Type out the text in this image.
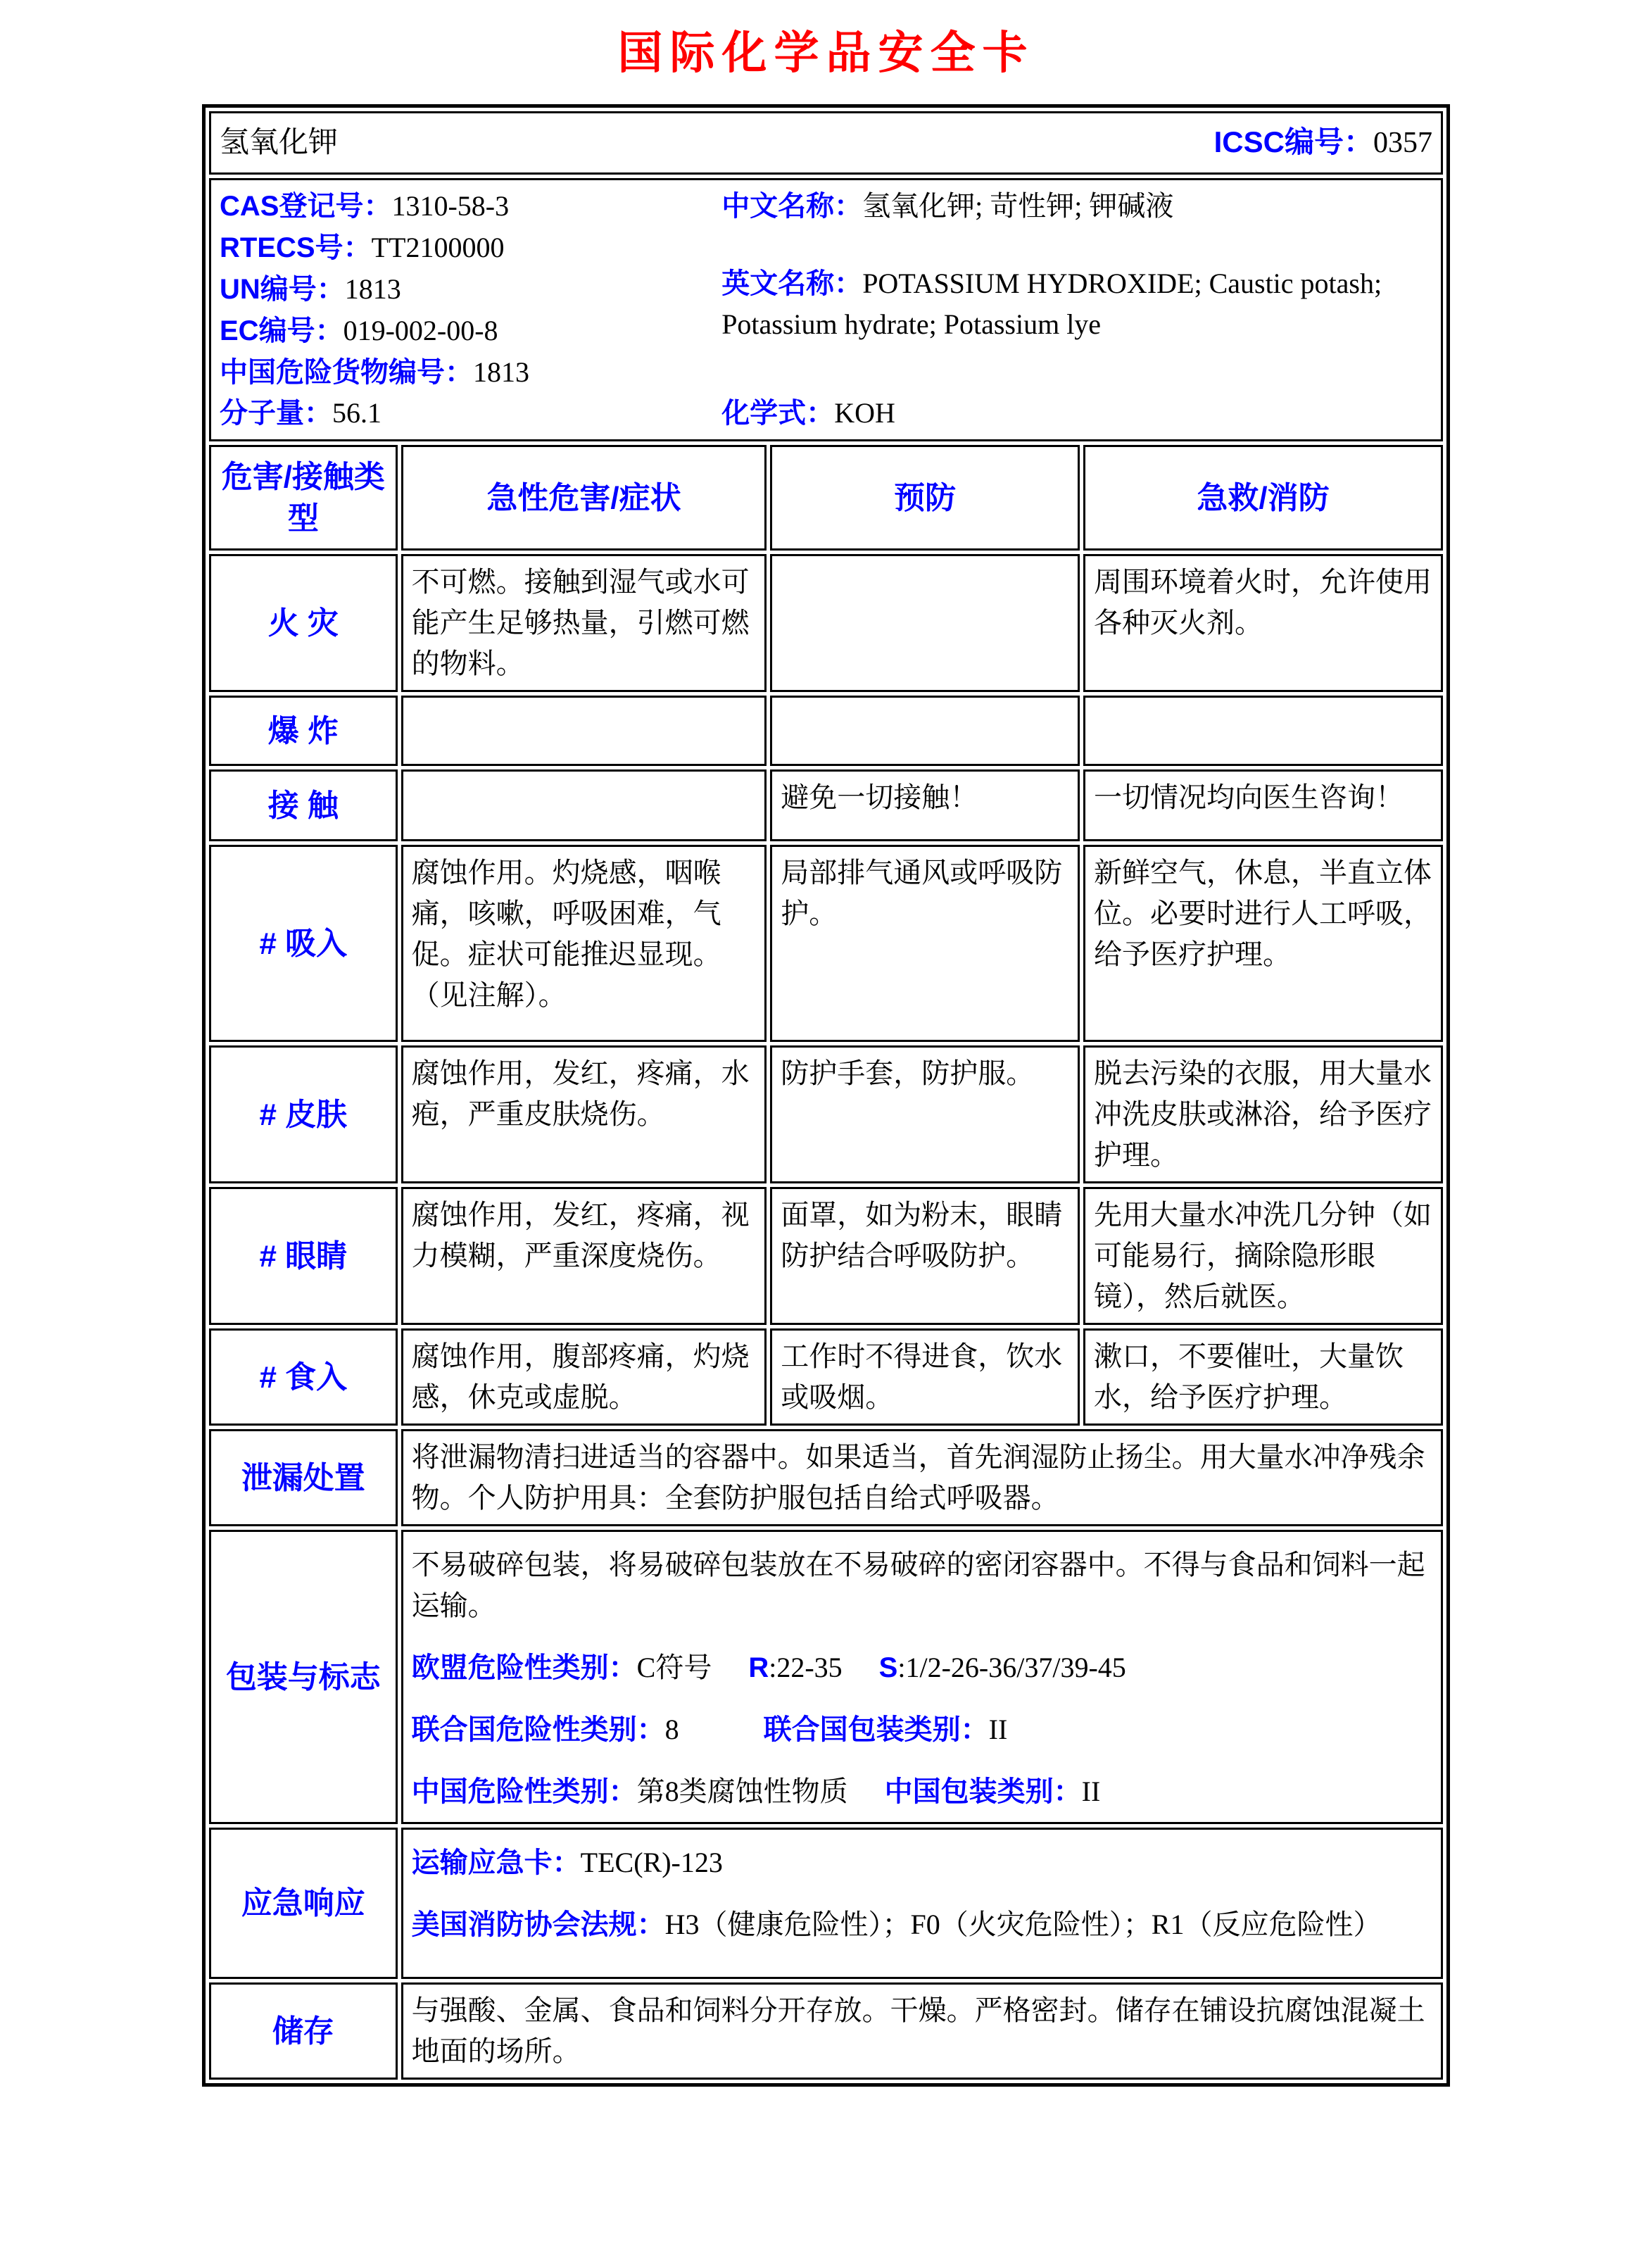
国际化学品安全卡
氢氧化钾 ICSC编号：0357			

CAS登记号：1310-58-3
RTECS号：TT2100000
UN编号：1813
EC编号：019-002-00-8
中国危险货物编号：1813
分子量：56.1
中文名称：氢氧化钾; 苛性钾; 钾碱液
英文名称：POTASSIUM HYDROXIDE; Caustic potash; Potassium hydrate; Potassium lye
化学式：KOH

危害/接触类型	急性危害/症状	预防	急救/消防
火 灾	不可燃。接触到湿气或水可能产生足够热量，引燃可燃的物料。		周围环境着火时，允许使用各种灭火剂。
爆 炸			
接 触		避免一切接触！	一切情况均向医生咨询！
# 吸入	腐蚀作用。灼烧感，咽喉痛，咳嗽，呼吸困难，气促。症状可能推迟显现。（见注解）。	局部排气通风或呼吸防护。	新鲜空气，休息，半直立体位。必要时进行人工呼吸，给予医疗护理。
# 皮肤	腐蚀作用，发红，疼痛，水疱，严重皮肤烧伤。	防护手套，防护服。	脱去污染的衣服，用大量水冲洗皮肤或淋浴，给予医疗护理。
# 眼睛	腐蚀作用，发红，疼痛，视力模糊，严重深度烧伤。	面罩，如为粉末，眼睛防护结合呼吸防护。	先用大量水冲洗几分钟（如可能易行，摘除隐形眼镜），然后就医。
# 食入	腐蚀作用，腹部疼痛，灼烧感，休克或虚脱。	工作时不得进食，饮水或吸烟。	漱口，不要催吐，大量饮水，给予医疗护理。
泄漏处置	将泄漏物清扫进适当的容器中。如果适当，首先润湿防止扬尘。用大量水冲净残余物。个人防护用具：全套防护服包括自给式呼吸器。		
包装与标志	不易破碎包装，将易破碎包装放在不易破碎的密闭容器中。不得与食品和饲料一起运输。
欧盟危险性类别：C符号 R:22-35 S:1/2-26-36/37/39-45
联合国危险性类别：8 联合国包装类别：II
中国危险性类别：第8类腐蚀性物质 中国包装类别：II		

应急响应	运输应急卡：TEC(R)-123
美国消防协会法规：H3（健康危险性）；F0（火灾危险性）；R1（反应危险性）		

储存	与强酸、金属、食品和饲料分开存放。干燥。严格密封。储存在铺设抗腐蚀混凝土地面的场所。		
